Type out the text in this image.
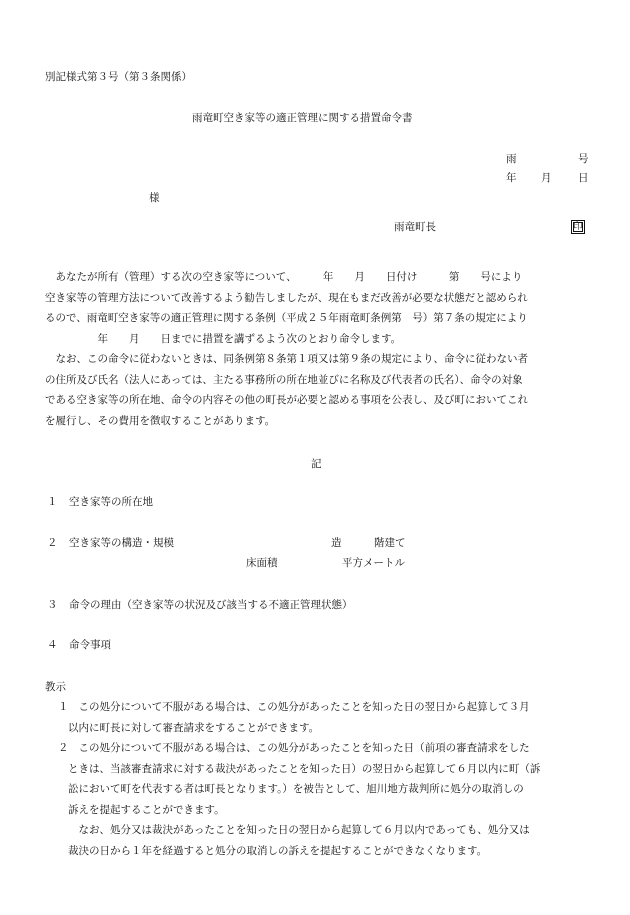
別記様式第３号（第３条関係）
雨竜町空き家等の適正管理に関する措置命令書
雨	号
年 月	日
様
雨竜町長	印
あなたが所有（管理）する次の空き家等について、　　　年　　月　　日付け　　　第　　号により
空き家等の管理方法について改善するよう勧告しましたが、現在もまだ改善が必要な状態だと認められ
るので、雨竜町空き家等の適正管理に関する条例（平成２５年雨竜町条例第　号）第７条の規定により
　　　年　　月　　日までに措置を講ずるよう次のとおり命令します。
なお、この命令に従わないときは、同条例第８条第１項又は第９条の規定により、命令に従わない者
の住所及び氏名（法人にあっては、主たる事務所の所在地並びに名称及び代表者の氏名）、命令の対象
である空き家等の所在地、命令の内容その他の町長が必要と認める事項を公表し、及び町においてこれ
を履行し、その費用を徴収することがあります。
記
１ 空き家等の所在地
２ 空き家等の構造・規模	造	階建て
床面積	平方メートル
３ 命令の理由（空き家等の状況及び該当する不適正管理状態）
４ 命令事項
教示
１ この処分について不服がある場合は、この処分があったことを知った日の翌日から起算して３月
以内に町長に対して審査請求をすることができます。
２ この処分について不服がある場合は、この処分があったことを知った日（前項の審査請求をした
ときは、当該審査請求に対する裁決があったことを知った日）の翌日から起算して６月以内に町（訴
訟において町を代表する者は町長となります。）を被告として、旭川地方裁判所に処分の取消しの
訴えを提起することができます。
なお、処分又は裁決があったことを知った日の翌日から起算して６月以内であっても、処分又は
裁決の日から１年を経過すると処分の取消しの訴えを提起することができなくなります。
